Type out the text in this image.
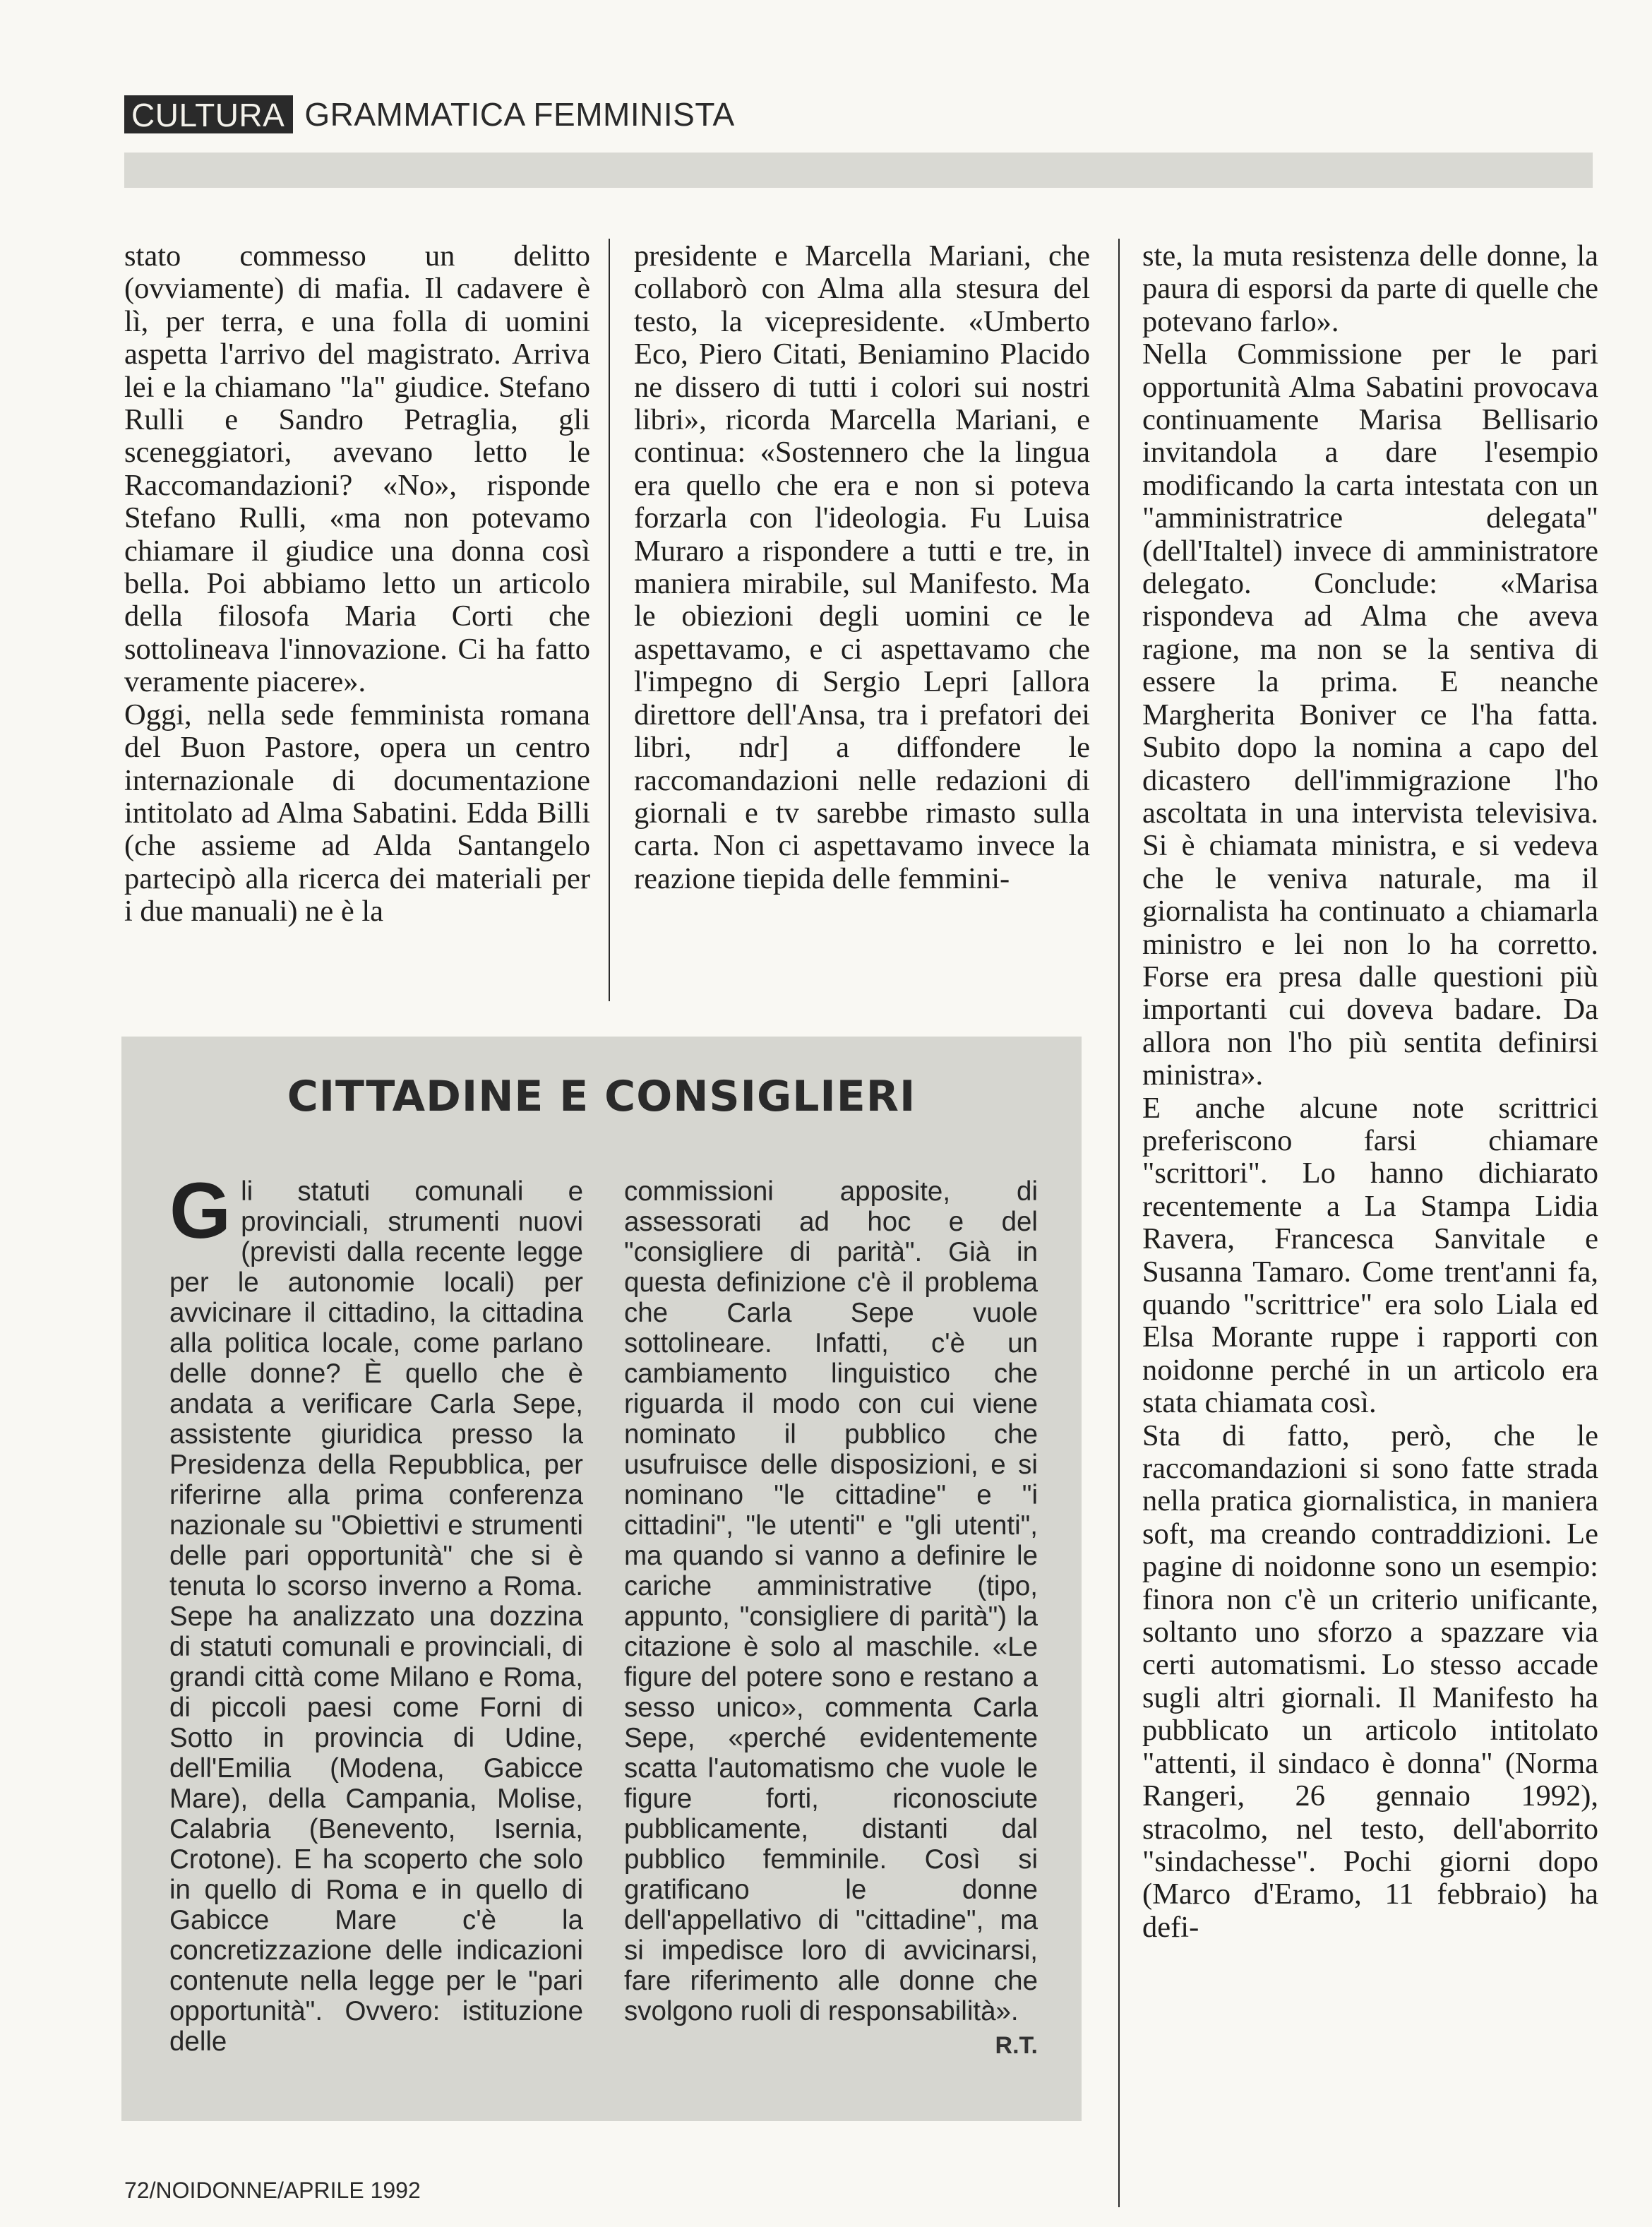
CULTURA GRAMMATICA FEMMINISTA

stato commesso un delitto (ovviamente) di mafia. Il cadavere è lì, per terra, e una folla di uomini aspetta l'arrivo del magistrato. Arriva lei e la chiamano "la" giudice. Stefano Rulli e Sandro Petraglia, gli sceneggiatori, avevano letto le Raccomandazioni? «No», risponde Stefano Rulli, «ma non potevamo chiamare il giudice una donna così bella. Poi abbiamo letto un articolo della filosofa Maria Corti che sottolineava l'innovazione. Ci ha fatto veramente piacere».

Oggi, nella sede femminista romana del Buon Pastore, opera un centro internazionale di documentazione intitolato ad Alma Sabatini. Edda Billi (che assieme ad Alda Santangelo partecipò alla ricerca dei materiali per i due manuali) ne è la

presidente e Marcella Mariani, che collaborò con Alma alla stesura del testo, la vicepresidente. «Umberto Eco, Piero Citati, Beniamino Placido ne dissero di tutti i colori sui nostri libri», ricorda Marcella Mariani, e continua: «Sostennero che la lingua era quello che era e non si poteva forzarla con l'ideologia. Fu Luisa Muraro a rispondere a tutti e tre, in maniera mirabile, sul Manifesto. Ma le obiezioni degli uomini ce le aspettavamo, e ci aspettavamo che l'impegno di Sergio Lepri [allora direttore dell'Ansa, tra i prefatori dei libri, ndr] a diffondere le raccomandazioni nelle redazioni di giornali e tv sarebbe rimasto sulla carta. Non ci aspettavamo invece la reazione tiepida delle femmini-

ste, la muta resistenza delle donne, la paura di esporsi da parte di quelle che potevano farlo».

Nella Commissione per le pari opportunità Alma Sabatini provocava continuamente Marisa Bellisario invitandola a dare l'esempio modificando la carta intestata con un "amministratrice delegata" (dell'Italtel) invece di amministratore delegato. Conclude: «Marisa rispondeva ad Alma che aveva ragione, ma non se la sentiva di essere la prima. E neanche Margherita Boniver ce l'ha fatta. Subito dopo la nomina a capo del dicastero dell'immigrazione l'ho ascoltata in una intervista televisiva. Si è chiamata ministra, e si vedeva che le veniva naturale, ma il giornalista ha continuato a chiamarla ministro e lei non lo ha corretto. Forse era presa dalle questioni più importanti cui doveva badare. Da allora non l'ho più sentita definirsi ministra».

E anche alcune note scrittrici preferiscono farsi chiamare "scrittori". Lo hanno dichiarato recentemente a La Stampa Lidia Ravera, Francesca Sanvitale e Susanna Tamaro. Come trent'anni fa, quando "scrittrice" era solo Liala ed Elsa Morante ruppe i rapporti con noidonne perché in un articolo era stata chiamata così.

Sta di fatto, però, che le raccomandazioni si sono fatte strada nella pratica giornalistica, in maniera soft, ma creando contraddizioni. Le pagine di noidonne sono un esempio: finora non c'è un criterio unificante, soltanto uno sforzo a spazzare via certi automatismi. Lo stesso accade sugli altri giornali. Il Manifesto ha pubblicato un articolo intitolato "attenti, il sindaco è donna" (Norma Rangeri, 26 gennaio 1992), stracolmo, nel testo, dell'aborrito "sindachesse". Pochi giorni dopo (Marco d'Eramo, 11 febbraio) ha defi-

CITTADINE E CONSIGLIERI
G li statuti comunali e provinciali, strumenti nuovi (previsti dalla recente legge per le autonomie locali) per avvicinare il cittadino, la cittadina alla politica locale, come parlano delle donne? È quello che è andata a verificare Carla Sepe, assistente giuridica presso la Presidenza della Repubblica, per riferirne alla prima conferenza nazionale su "Obiettivi e strumenti delle pari opportunità" che si è tenuta lo scorso inverno a Roma. Sepe ha analizzato una dozzina di statuti comunali e provinciali, di grandi città come Milano e Roma, di piccoli paesi come Forni di Sotto in provincia di Udine, dell'Emilia (Modena, Gabicce Mare), della Campania, Molise, Calabria (Benevento, Isernia, Crotone). E ha scoperto che solo in quello di Roma e in quello di Gabicce Mare c'è la concretizzazione delle indicazioni contenute nella legge per le "pari opportunità". Ovvero: istituzione delle
commissioni apposite, di assessorati ad hoc e del "consigliere di parità". Già in questa definizione c'è il problema che Carla Sepe vuole sottolineare. Infatti, c'è un cambiamento linguistico che riguarda il modo con cui viene nominato il pubblico che usufruisce delle disposizioni, e si nominano "le cittadine" e "i cittadini", "le utenti" e "gli utenti", ma quando si vanno a definire le cariche amministrative (tipo, appunto, "consigliere di parità") la citazione è solo al maschile. «Le figure del potere sono e restano a sesso unico», commenta Carla Sepe, «perché evidentemente scatta l'automatismo che vuole le figure forti, riconosciute pubblicamente, distanti dal pubblico femminile. Così si gratificano le donne dell'appellativo di "cittadine", ma si impedisce loro di avvicinarsi, fare riferimento alle donne che svolgono ruoli di responsabilità».
R.T.
72/NOIDONNE/APRILE 1992
